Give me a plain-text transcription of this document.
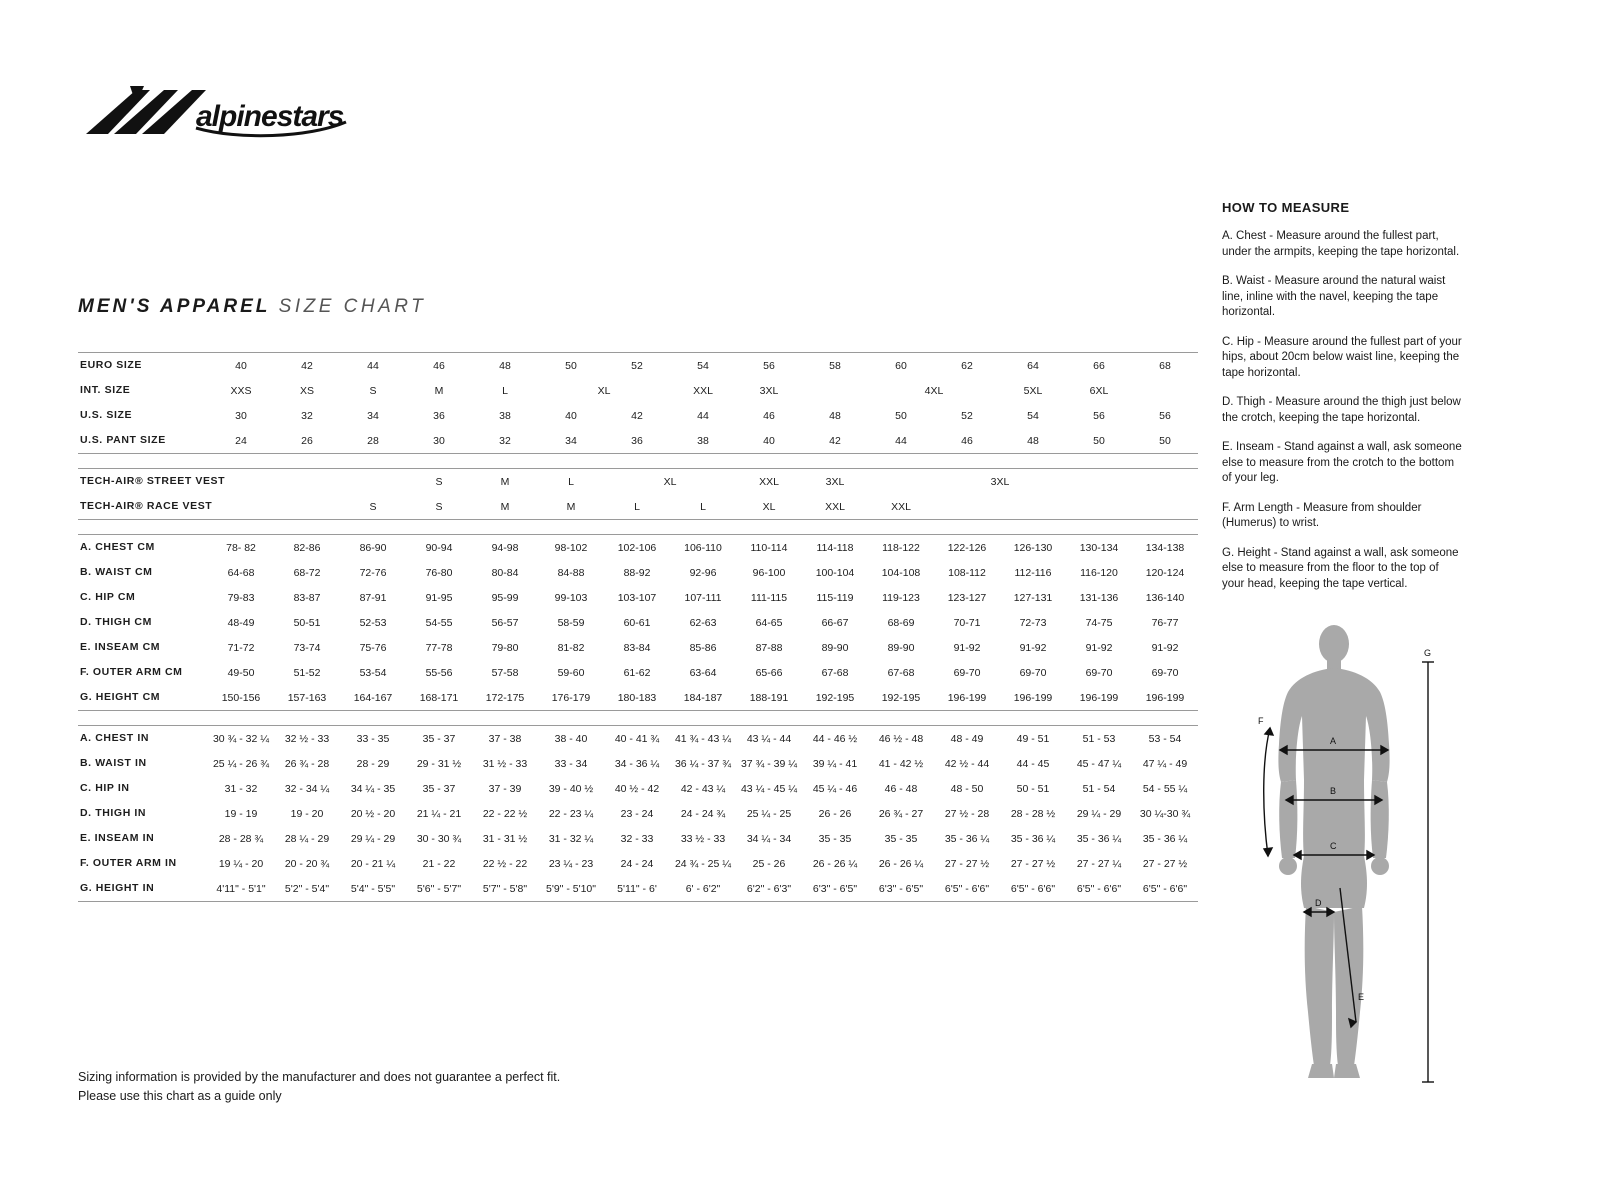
alpinestars
MEN'S APPAREL SIZE CHART
EURO SIZE	40	42	44	46	48	50	52	54	56	58	60	62	64	66	68
INT. SIZE	XXS	XS	S	M	L	XL		XXL	3XL		4XL		5XL	6XL	
U.S. SIZE	30	32	34	36	38	40	42	44	46	48	50	52	54	56	56
U.S. PANT SIZE	24	26	28	30	32	34	36	38	40	42	44	46	48	50	50

TECH-AIR® STREET VEST				S	M	L	XL		XXL	3XL		3XL			
TECH-AIR® RACE VEST			S	S	M	M	L	L	XL	XXL	XXL				

A. CHEST CM	78- 82	82-86	86-90	90-94	94-98	98-102	102-106	106-110	110-114	114-118	118-122	122-126	126-130	130-134	134-138
B. WAIST CM	64-68	68-72	72-76	76-80	80-84	84-88	88-92	92-96	96-100	100-104	104-108	108-112	112-116	116-120	120-124
C. HIP CM	79-83	83-87	87-91	91-95	95-99	99-103	103-107	107-111	111-115	115-119	119-123	123-127	127-131	131-136	136-140
D. THIGH CM	48-49	50-51	52-53	54-55	56-57	58-59	60-61	62-63	64-65	66-67	68-69	70-71	72-73	74-75	76-77
E. INSEAM CM	71-72	73-74	75-76	77-78	79-80	81-82	83-84	85-86	87-88	89-90	89-90	91-92	91-92	91-92	91-92
F. OUTER ARM CM	49-50	51-52	53-54	55-56	57-58	59-60	61-62	63-64	65-66	67-68	67-68	69-70	69-70	69-70	69-70
G. HEIGHT CM	150-156	157-163	164-167	168-171	172-175	176-179	180-183	184-187	188-191	192-195	192-195	196-199	196-199	196-199	196-199

A. CHEST IN	30 ¾ - 32 ¼	32 ½ - 33	33 - 35	35 - 37	37 - 38	38 - 40	40 - 41 ¾	41 ¾ - 43 ¼	43 ¼ - 44	44 - 46 ½	46 ½ - 48	48 - 49	49 - 51	51 - 53	53 - 54
B. WAIST IN	25 ¼ - 26 ¾	26 ¾ - 28	28 - 29	29 - 31 ½	31 ½ - 33	33 - 34	34 - 36 ¼	36 ¼ - 37 ¾	37 ¾ - 39 ¼	39 ¼ - 41	41 - 42 ½	42 ½ - 44	44 - 45	45 - 47 ¼	47 ¼ - 49
C. HIP IN	31 - 32	32 - 34 ¼	34 ¼ - 35	35 - 37	37 - 39	39 - 40 ½	40 ½ - 42	42 - 43 ¼	43 ¼ - 45 ¼	45 ¼ - 46	46 - 48	48 - 50	50 - 51	51 - 54	54 - 55 ¼
D. THIGH IN	19 - 19	19 - 20	20 ½ - 20	21 ¼ - 21	22 - 22 ½	22 - 23 ¼	23 - 24	24 - 24 ¾	25 ¼ - 25	26 - 26	26 ¾ - 27	27 ½ - 28	28 - 28 ½	29 ¼ - 29	30 ¼-30 ¾
E. INSEAM IN	28 - 28 ¾	28 ¼ - 29	29 ¼ - 29	30 - 30 ¾	31 - 31 ½	31 - 32 ¼	32 - 33	33 ½ - 33	34 ¼ - 34	35 - 35	35 - 35	35 - 36 ¼	35 - 36 ¼	35 - 36 ¼	35 - 36 ¼
F. OUTER ARM IN	19 ¼ - 20	20 - 20 ¾	20 - 21 ¼	21 - 22	22 ½ - 22	23 ¼ - 23	24 - 24	24 ¾ - 25 ¼	25 - 26	26 - 26 ¼	26 - 26 ¼	27 - 27 ½	27 - 27 ½	27 - 27 ¼	27 - 27 ½
G. HEIGHT IN	4'11" - 5'1"	5'2" - 5'4"	5'4" - 5'5"	5'6" - 5'7"	5'7" - 5'8"	5'9" - 5'10"	5'11" - 6'	6' - 6'2"	6'2" - 6'3"	6'3" - 6'5"	6'3" - 6'5"	6'5" - 6'6"	6'5" - 6'6"	6'5" - 6'6"	6'5" - 6'6"
Sizing information is provided by the manufacturer and does not guarantee a perfect fit.
Please use this chart as a guide only
HOW TO MEASURE

A. Chest - Measure around the fullest part, under the armpits, keeping the tape horizontal.

B. Waist - Measure around the natural waist line, inline with the navel, keeping the tape horizontal.

C. Hip - Measure around the fullest part of your hips, about 20cm below waist line, keeping the tape horizontal.

D. Thigh - Measure around the thigh just below the crotch, keeping the tape horizontal.

E. Inseam - Stand against a wall, ask someone else to measure from the crotch to the bottom of your leg.

F. Arm Length - Measure from shoulder (Humerus) to wrist.

G. Height - Stand against a wall, ask someone else to measure from the floor to the top of your head, keeping the tape vertical.

A
B
C
D
E
F
G
